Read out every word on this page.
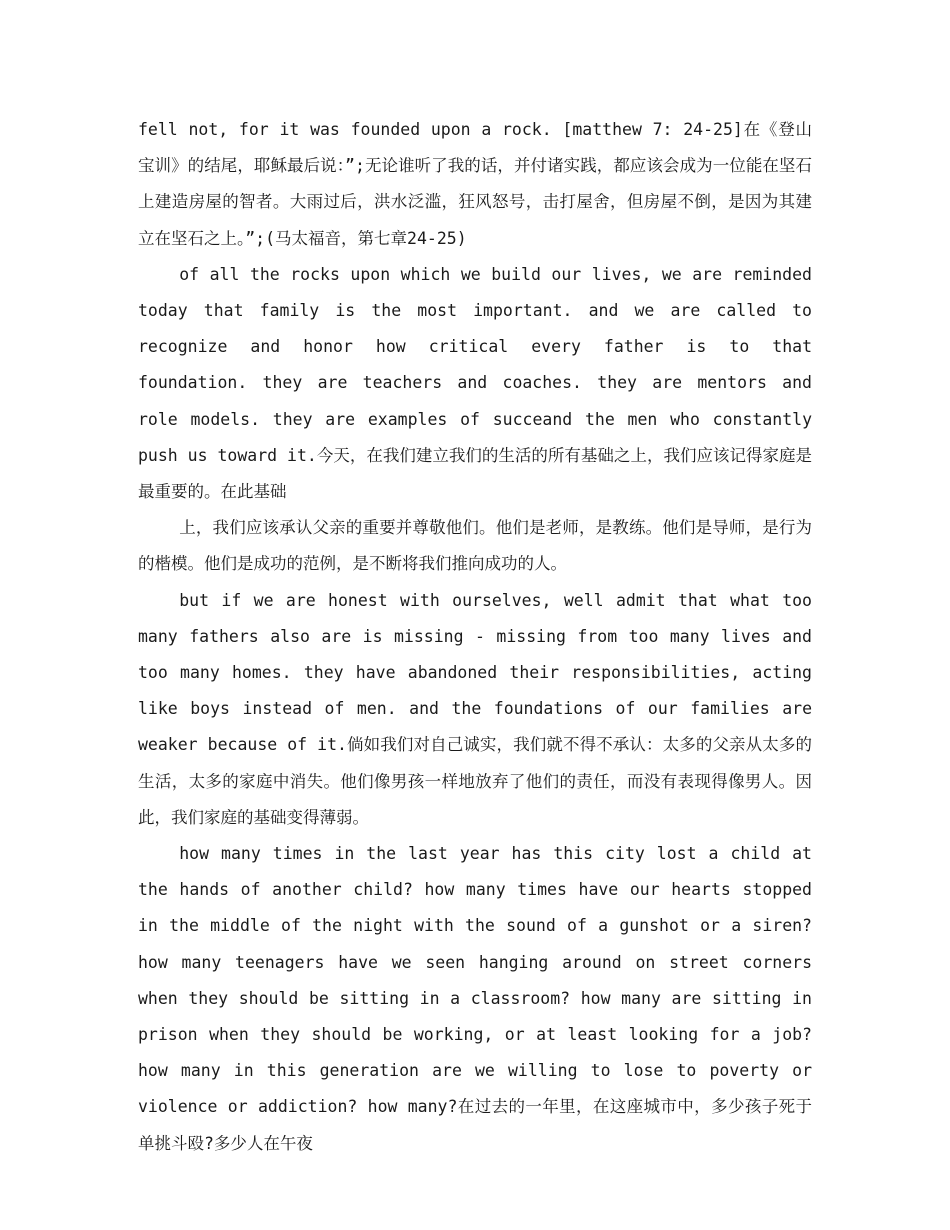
fell not, for it was founded upon a rock. [matthew 7: 24-25]在《登山宝训》的结尾，耶稣最后说：”;无论谁听了我的话，并付诸实践，都应该会成为一位能在坚石上建造房屋的智者。大雨过后，洪水泛滥，狂风怒号，击打屋舍，但房屋不倒，是因为其建立在坚石之上。”;(马太福音，第七章24-25)

of all the rocks upon which we build our lives, we are reminded today that family is the most important. and we are called to recognize and honor how critical every father is to that foundation. they are teachers and coaches. they are mentors and role models. they are examples of succeand the men who constantly push us toward it.今天，在我们建立我们的生活的所有基础之上，我们应该记得家庭是最重要的。在此基础

上，我们应该承认父亲的重要并尊敬他们。他们是老师，是教练。他们是导师，是行为的楷模。他们是成功的范例，是不断将我们推向成功的人。

but if we are honest with ourselves, well admit that what too many fathers also are is missing - missing from too many lives and too many homes. they have abandoned their responsibilities, acting like boys instead of men. and the foundations of our families are weaker because of it.倘如我们对自己诚实，我们就不得不承认：太多的父亲从太多的生活，太多的家庭中消失。他们像男孩一样地放弃了他们的责任，而没有表现得像男人。因此，我们家庭的基础变得薄弱。

how many times in the last year has this city lost a child at the hands of another child? how many times have our hearts stopped in the middle of the night with the sound of a gunshot or a siren? how many teenagers have we seen hanging around on street corners when they should be sitting in a classroom? how many are sitting in prison when they should be working, or at least looking for a job? how many in this generation are we willing to lose to poverty or violence or addiction? how many?在过去的一年里，在这座城市中，多少孩子死于单挑斗殴?多少人在午夜
